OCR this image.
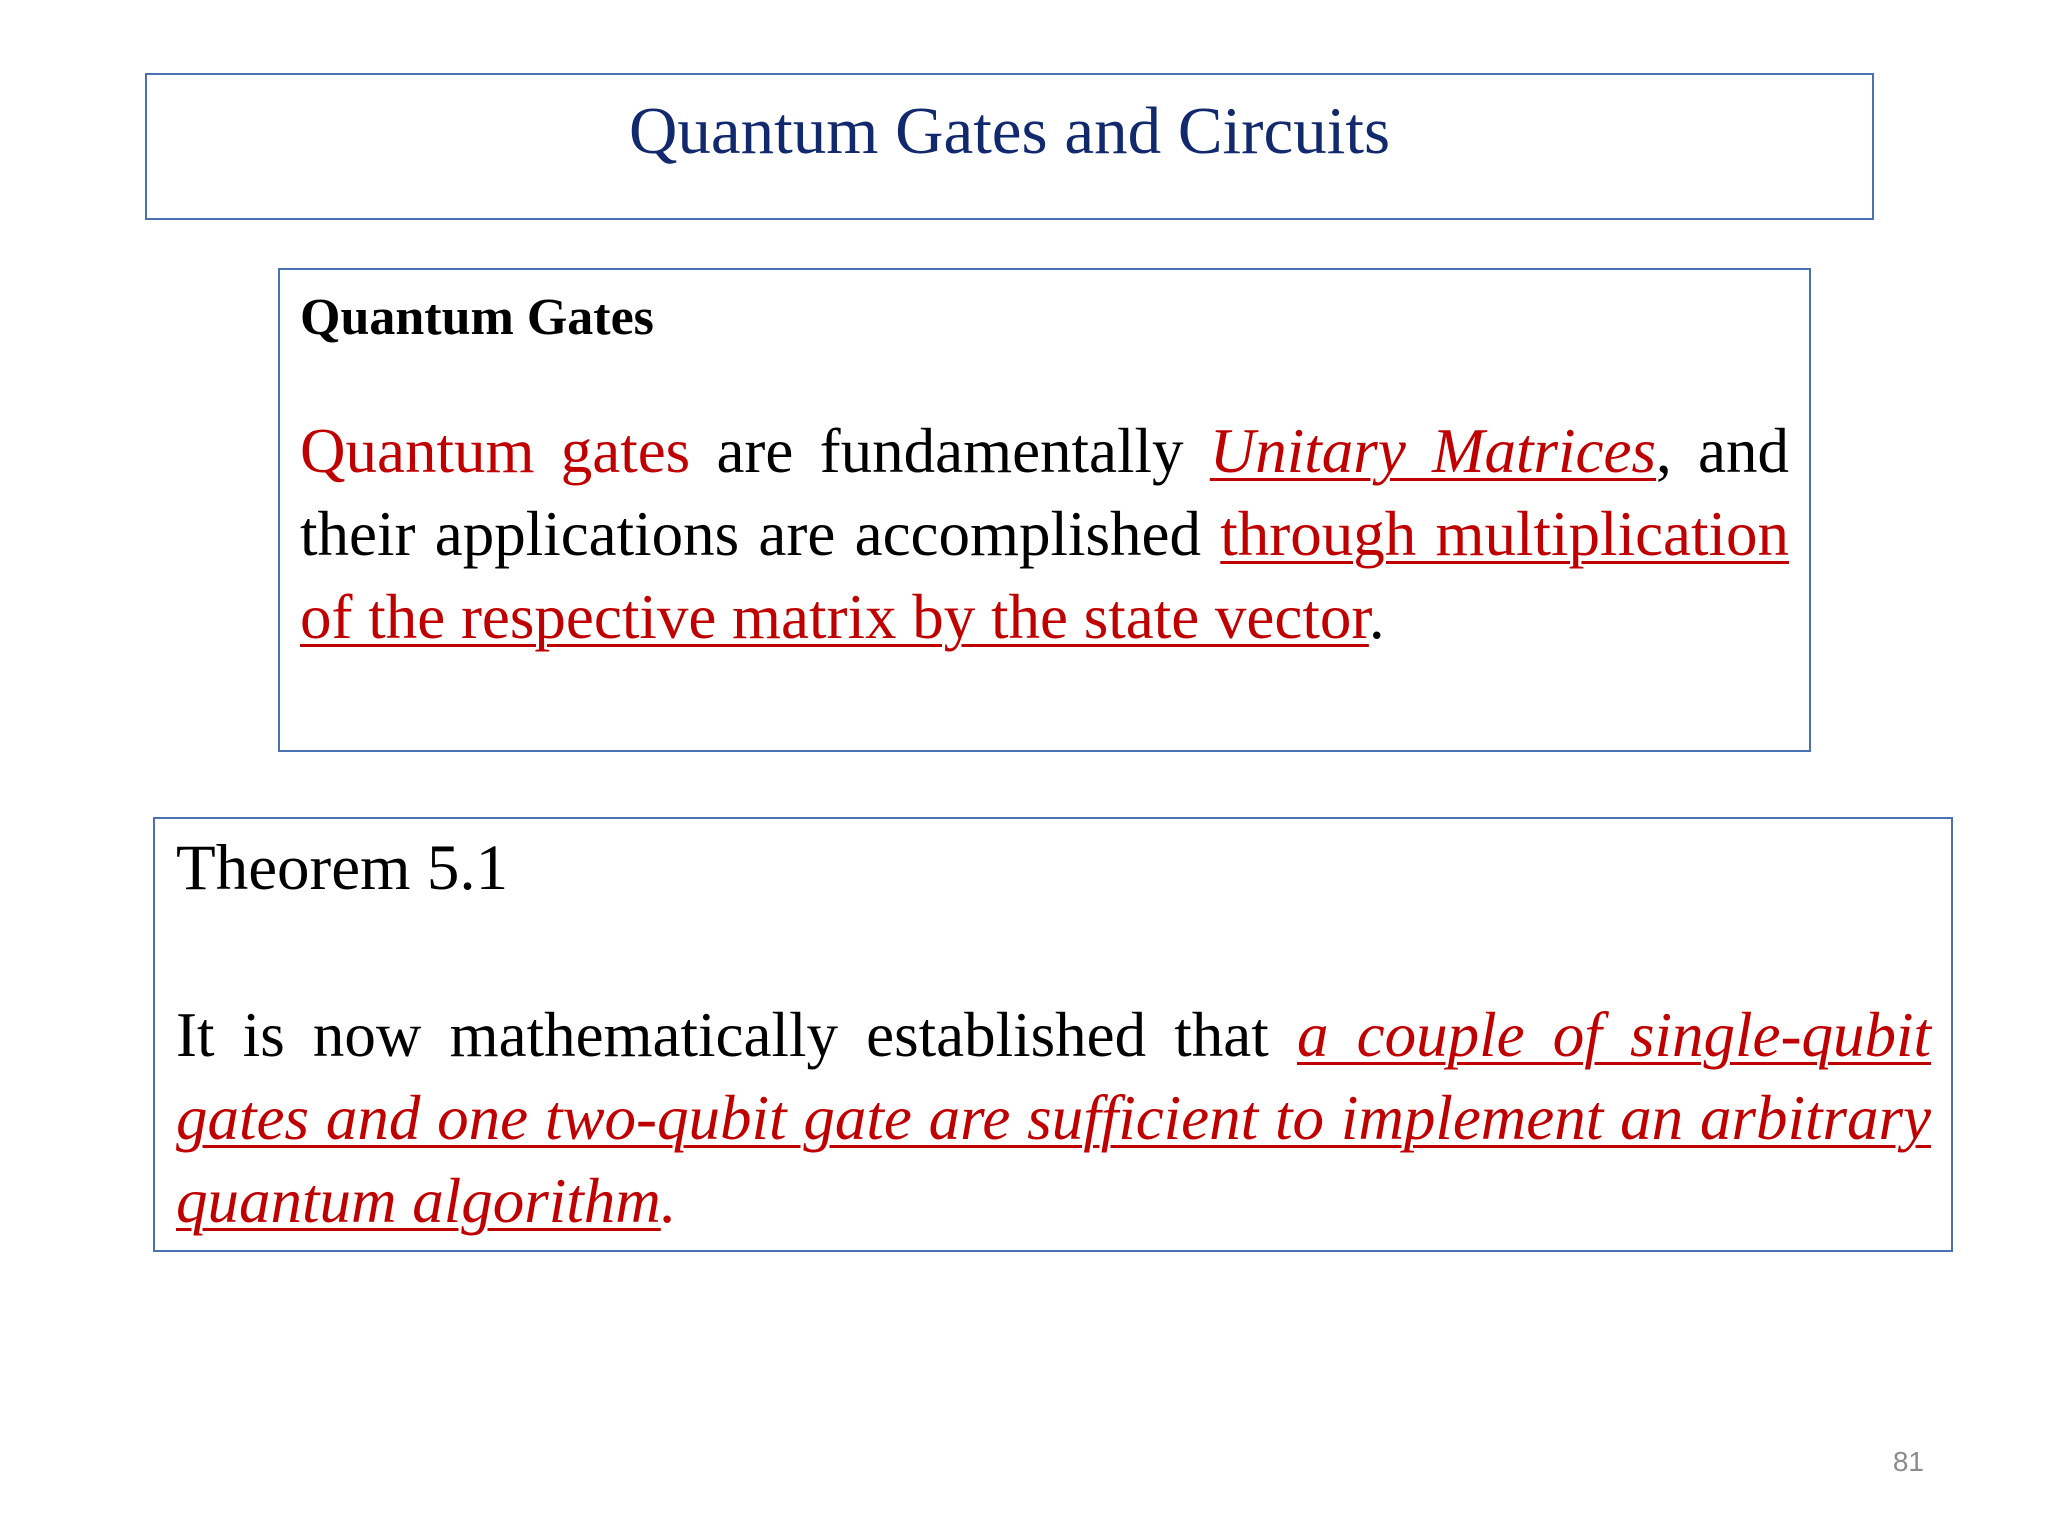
Quantum Gates and Circuits
Quantum Gates
Quantum gates are fundamentally Unitary Matrices, and their applications are accomplished through multiplication of the respective matrix by the state vector.
Theorem 5.1
It is now mathematically established that a couple of single-qubit gates and one two-qubit gate are sufficient to implement an arbitrary quantum algorithm.
81
